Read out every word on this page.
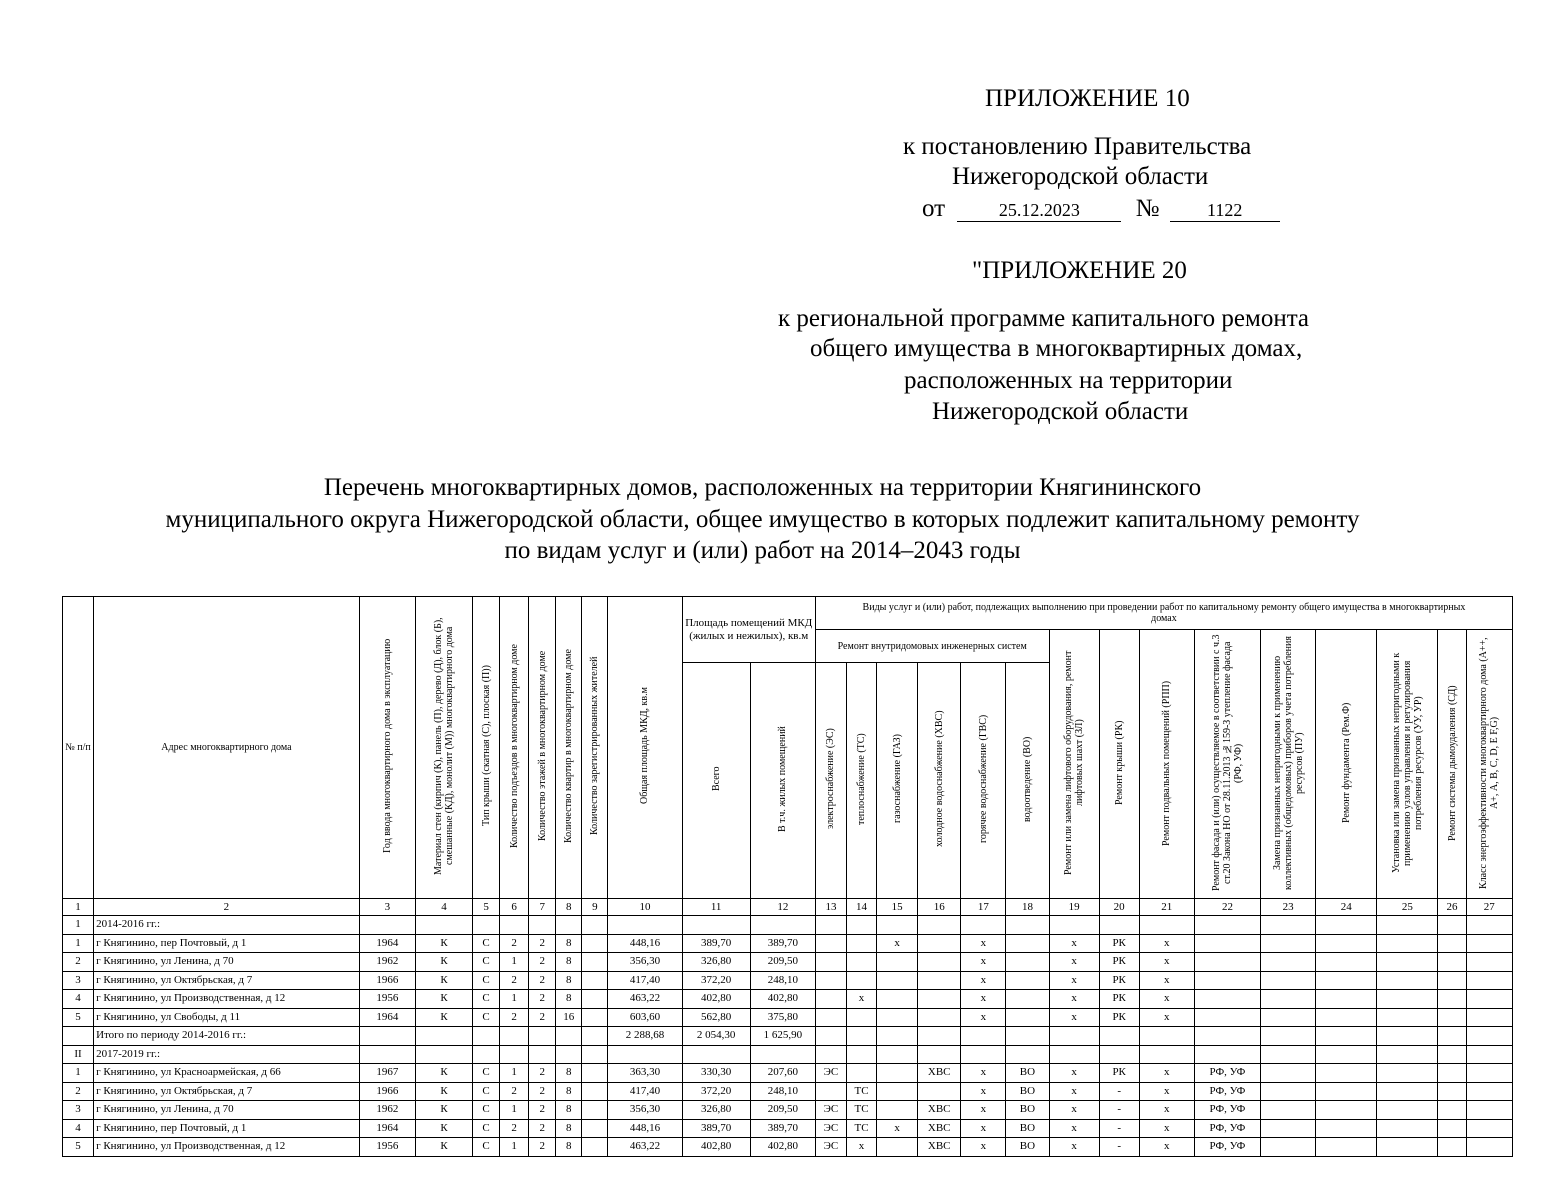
ПРИЛОЖЕНИЕ 10
к постановлению Правительства
Нижегородской области
от	25.12.2023 №	1122
"ПРИЛОЖЕНИЕ 20
к региональной программе капитального ремонта
общего имущества в многоквартирных домах,
расположенных на территории
Нижегородской области
Перечень многоквартирных домов, расположенных на территории Княгининского
муниципального округа Нижегородской области, общее имущество в которых подлежит капитальному ремонту
по видам услуг и (или) работ на 2014–2043 годы
№ п/п	Адрес многоквартирного дома	Год ввода многоквартирного дома в эксплуатацию	Материал стен (кирпич (К), панель (П), дерево (Д), блок (Б), смешанные (КД), монолит (М)) многоквартирного дома	Тип крыши (скатная (С), плоская (П))	Количество подъездов в многоквартирном доме	Количество этажей в многоквартирном доме	Количество квартир в многоквартирном доме	Количество зарегистрированных жителей	Общая площадь МКД, кв.м	Площадь помещений МКД (жилых и нежилых), кв.м		Виды услуг и (или) работ, подлежащих выполнению при проведении работ по капитальному ремонту общего имущества в многоквартирных домах														
												Ремонт внутридомовых инженерных систем						Ремонт или замена лифтового оборудования, ремонт лифтовых шахт (ЗЛ)	Ремонт крыши (РК)	Ремонт подвальных помещений (РПП)	Ремонт фасада и (или) осуществляемое в соответствии с ч.3 ст.20 Закона НО от 28.11.2013 №159-З утепление фасада (РФ, УФ)	Замена признанных непригодными к применению коллективных (общедомовых) приборов учета потребления ресурсов (ПУ)	Ремонт фундамента (Рем.Ф)	Установка или замена признанных непригодными к применению узлов управления и регулирования потребления ресурсов (УУ, УР)	Ремонт системы дымоудаления (СД)	Класс энергоэффективности многоквартирного дома (А++, А+, А, B, C, D, E F,G)
										Всего	В т.ч. жилых помещений	электроснабжение (ЭС)	теплоснабжение (ТС)	газоснабжение (ГАЗ)	холодное водоснабжение (ХВС)	горячее водоснабжение (ГВС)	водоотведение (ВО)									
1	2	3	4	5	6	7	8	9	10	11	12	13	14	15	16	17	18	19	20	21	22	23	24	25	26	27
1	2014-2016 гг.:																									
1	г Княгинино, пер Почтовый, д 1	1964	К	С	2	2	8		448,16	389,70	389,70			х		х		х	РК	х						
2	г Княгинино, ул Ленина, д 70	1962	К	С	1	2	8		356,30	326,80	209,50					х		х	РК	х						
3	г Княгинино, ул Октябрьская, д 7	1966	К	С	2	2	8		417,40	372,20	248,10					х		х	РК	х						
4	г Княгинино, ул Производственная, д 12	1956	К	С	1	2	8		463,22	402,80	402,80		х			х		х	РК	х						
5	г Княгинино, ул Свободы, д 11	1964	К	С	2	2	16		603,60	562,80	375,80					х		х	РК	х						
	Итого по периоду 2014-2016 гг.:								2 288,68	2 054,30	1 625,90															
II	2017-2019 гг.:																									
1	г Княгинино, ул Красноармейская, д 66	1967	К	С	1	2	8		363,30	330,30	207,60	ЭС			ХВС	х	ВО	х	РК	х	РФ, УФ					
2	г Княгинино, ул Октябрьская, д 7	1966	К	С	2	2	8		417,40	372,20	248,10		ТС			х	ВО	х	-	х	РФ, УФ					
3	г Княгинино, ул Ленина, д 70	1962	К	С	1	2	8		356,30	326,80	209,50	ЭС	ТС		ХВС	х	ВО	х	-	х	РФ, УФ					
4	г Княгинино, пер Почтовый, д 1	1964	К	С	2	2	8		448,16	389,70	389,70	ЭС	ТС	х	ХВС	х	ВО	х	-	х	РФ, УФ					
5	г Княгинино, ул Производственная, д 12	1956	К	С	1	2	8		463,22	402,80	402,80	ЭС	х		ХВС	х	ВО	х	-	х	РФ, УФ					
